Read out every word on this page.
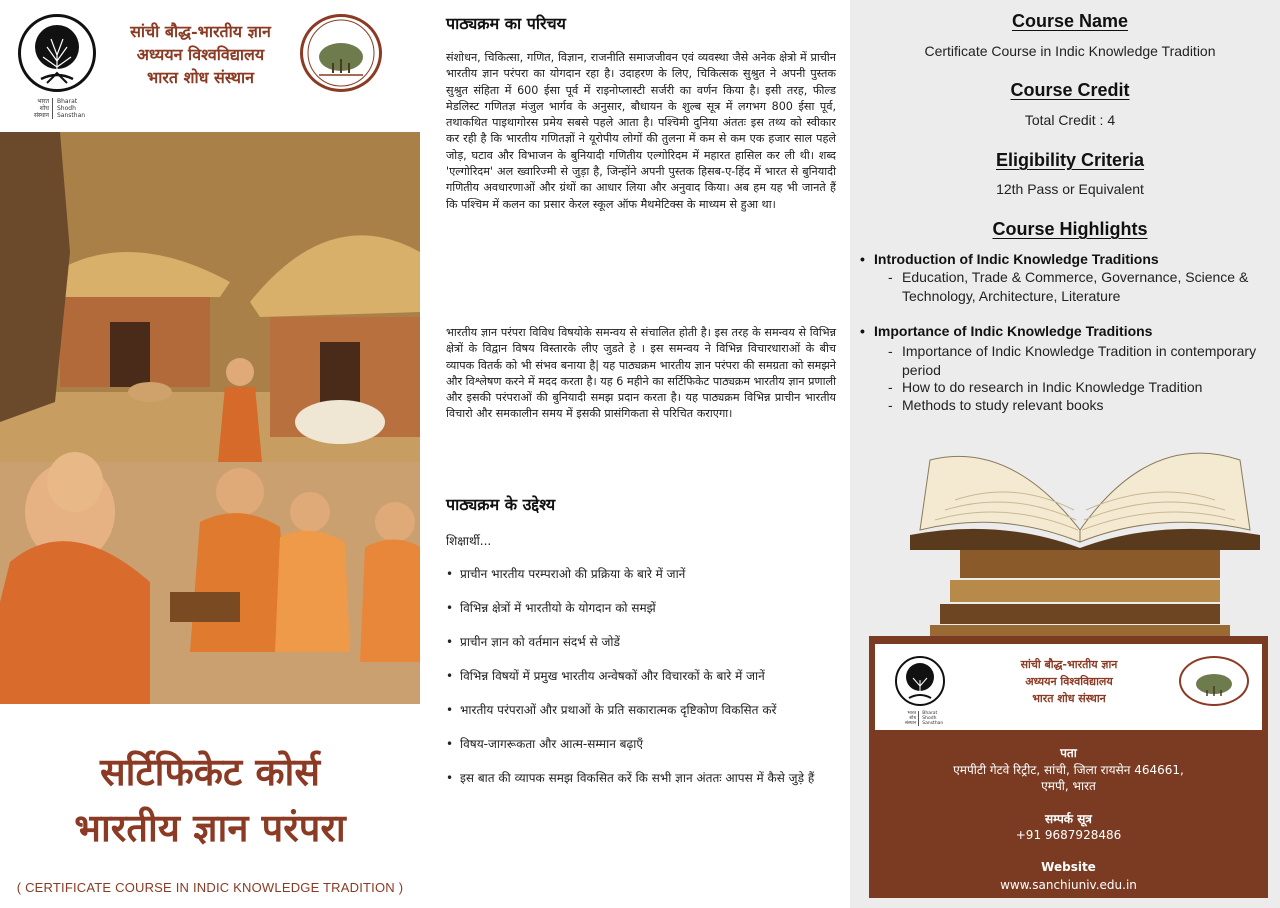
भारत
शोध
संस्थान
Bharat
Shodh
Sansthan
सांची बौद्ध-भारतीय ज्ञान
अध्ययन विश्वविद्यालय
भारत शोध संस्थान
सर्टिफिकेट कोर्स
भारतीय ज्ञान परंपरा
( CERTIFICATE COURSE IN INDIC KNOWLEDGE TRADITION )
पाठ्यक्रम का परिचय

संशोधन, चिकित्सा, गणित, विज्ञान, राजनीति समाजजीवन एवं व्यवस्था जैसे अनेक क्षेत्रो में प्राचीन भारतीय ज्ञान परंपरा का योगदान रहा है। उदाहरण के लिए, चिकित्सक सुश्रुत ने अपनी पुस्तक सुश्रुत संहिता में 600 ईसा पूर्व में राइनोप्लास्टी सर्जरी का वर्णन किया है। इसी तरह, फील्ड मेडलिस्ट गणितज्ञ मंजुल भार्गव के अनुसार, बौधायन के शुल्ब सूत्र में लगभग 800 ईसा पूर्व, तथाकथित पाइथागोरस प्रमेय सबसे पहले आता है। पश्चिमी दुनिया अंततः इस तथ्य को स्वीकार कर रही है कि भारतीय गणितज्ञों ने यूरोपीय लोगों की तुलना में कम से कम एक हजार साल पहले जोड़, घटाव और विभाजन के बुनियादी गणितीय एल्गोरिदम में महारत हासिल कर ली थी। शब्द 'एल्गोरिदम' अल ख्वारिज्मी से जुड़ा है, जिन्होंने अपनी पुस्तक हिसब-ए-हिंद में भारत से बुनियादी गणितीय अवधारणाओं और ग्रंथों का आधार लिया और अनुवाद किया। अब हम यह भी जानते हैं कि पश्चिम में कलन का प्रसार केरल स्कूल ऑफ मैथमेटिक्स के माध्यम से हुआ था।

भारतीय ज्ञान परंपरा विविध विषयोके समन्वय से संचालित होती है। इस तरह के समन्वय से विभिन्न क्षेत्रों के विद्वान विषय विस्तारके लीए जुडते हे । इस समन्वय ने विभिन्न विचारधाराओं के बीच व्यापक वितर्क को भी संभव बनाया है| यह पाठ्यक्रम भारतीय ज्ञान परंपरा की समग्रता को समझने और विश्लेषण करने में मदद करता है। यह 6 महीने का सर्टिफिकेट पाठ्यक्रम भारतीय ज्ञान प्रणाली और इसकी परंपराओं की बुनियादी समझ प्रदान करता है। यह पाठ्यक्रम विभिन्न प्राचीन भारतीय विचारो और समकालीन समय में इसकी प्रासंगिकता से परिचित कराएगा।

पाठ्यक्रम के उद्देश्य
शिक्षार्थी...
• प्राचीन भारतीय परम्पराओ की प्रक्रिया के बारे में जानें
• विभिन्न क्षेत्रों में भारतीयो के योगदान को समझें
• प्राचीन ज्ञान को वर्तमान संदर्भ से जोडें
• विभिन्न विषयों में प्रमुख भारतीय अन्वेषकों और विचारकों के बारे में जानें
• भारतीय परंपराओं और प्रथाओं के प्रति सकारात्मक दृष्टिकोण विकसित करें
• विषय-जागरूकता और आत्म-सम्मान बढ़ाएँ
• इस बात की व्यापक समझ विकसित करें कि सभी ज्ञान अंततः आपस में कैसे जुड़े हैं
Course Name
Certificate Course in Indic Knowledge Tradition
Course Credit
Total Credit : 4
Eligibility Criteria
12th Pass or Equivalent
Course Highlights
• Introduction of Indic Knowledge Traditions
- Education, Trade & Commerce, Governance, Science & Technology, Architecture, Literature
• Importance of Indic Knowledge Traditions
- Importance of Indic Knowledge Tradition in contemporary period
- How to do research in Indic Knowledge Tradition
- Methods to study relevant books
भारत
शोध
संस्थान
Bharat
Shodh
Sansthan
सांची बौद्ध-भारतीय ज्ञान
अध्ययन विश्वविद्यालय
भारत शोध संस्थान
पता
एमपीटी गेटवे रिट्रीट, सांची, जिला रायसेन 464661,
एमपी, भारत
सम्पर्क सूत्र
+91 9687928486
Website
www.sanchiuniv.edu.in
